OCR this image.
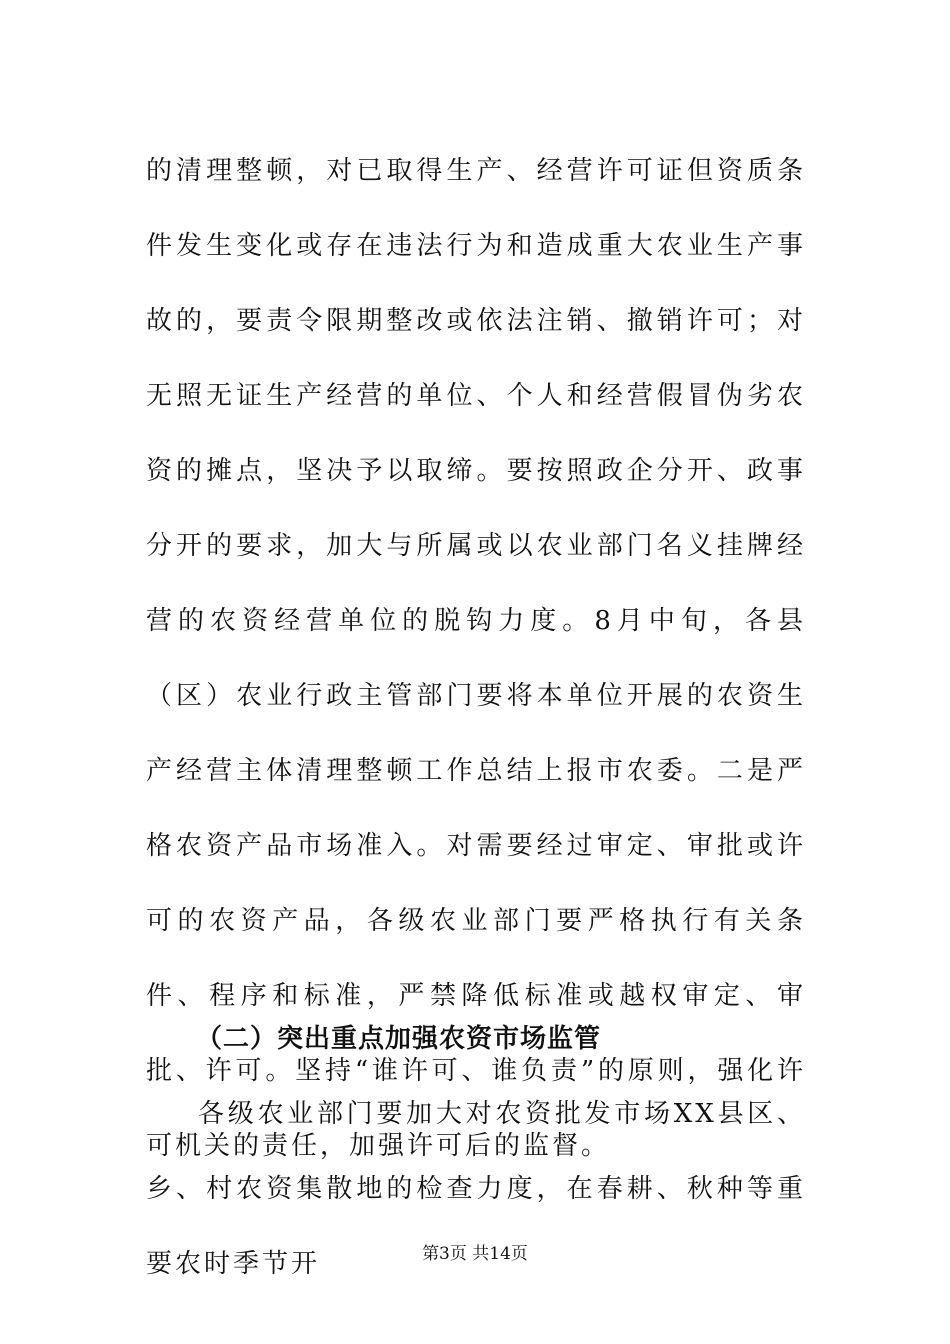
的清理整顿，对已取得生产、经营许可证但资质条件发生变化或存在违法行为和造成重大农业生产事故的，要责令限期整改或依法注销、撤销许可；对无照无证生产经营的单位、个人和经营假冒伪劣农资的摊点，坚决予以取缔。要按照政企分开、政事分开的要求，加大与所属或以农业部门名义挂牌经营的农资经营单位的脱钩力度。8月中旬，各县（区）农业行政主管部门要将本单位开展的农资生产经营主体清理整顿工作总结上报市农委。二是严格农资产品市场准入。对需要经过审定、审批或许可的农资产品，各级农业部门要严格执行有关条件、程序和标准，严禁降低标准或越权审定、审批、许可。坚持“谁许可、谁负责”的原则，强化许可机关的责任，加强许可后的监督。

（二）突出重点加强农资市场监管

各级农业部门要加大对农资批发市场XX县区、乡、村农资集散地的检查力度，在春耕、秋种等重要农时季节开	第3页 共14页
